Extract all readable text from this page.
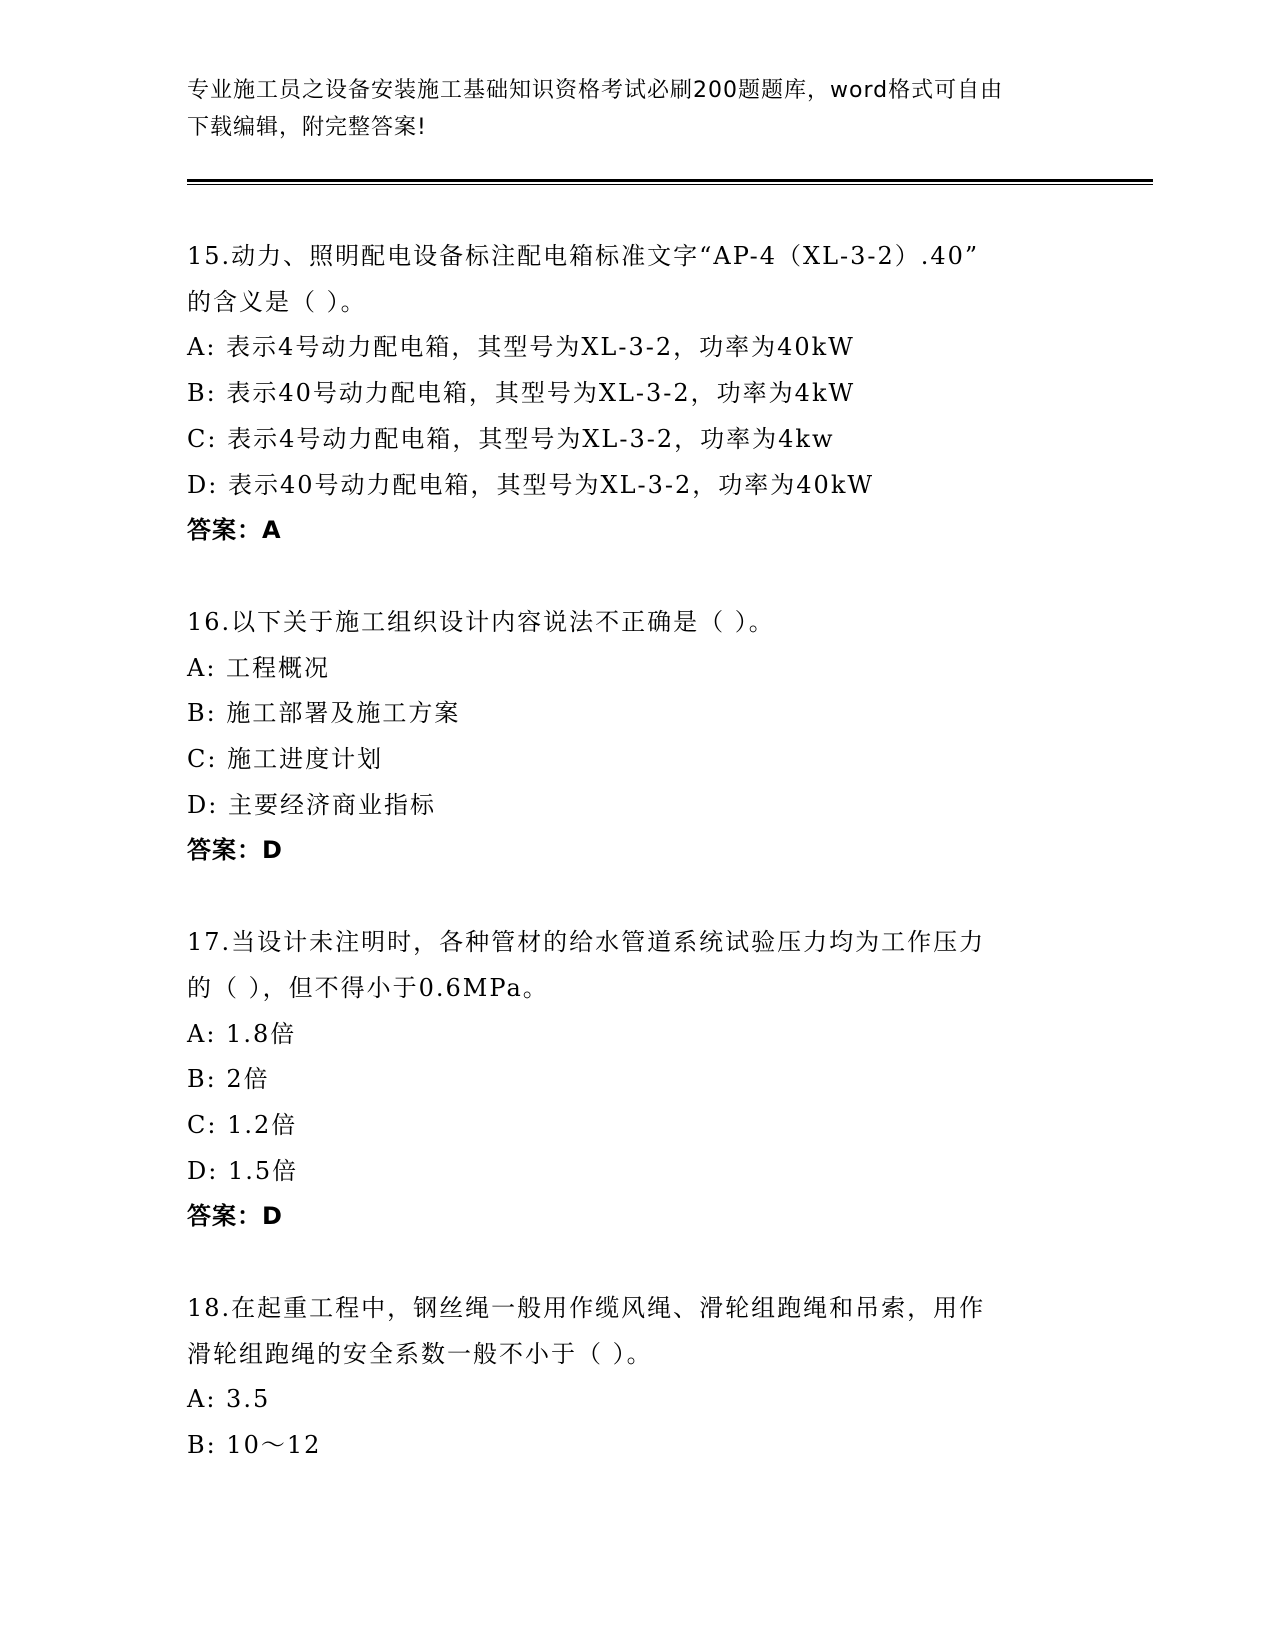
专业施工员之设备安装施工基础知识资格考试必刷200题题库，word格式可自由
下载编辑，附完整答案!
15.动力、照明配电设备标注配电箱标准文字“AP-4（XL-3-2）.40”
的含义是（ ）。
A: 表示4号动力配电箱，其型号为XL-3-2，功率为40kW
B: 表示40号动力配电箱，其型号为XL-3-2，功率为4kW
C: 表示4号动力配电箱，其型号为XL-3-2，功率为4kw
D: 表示40号动力配电箱，其型号为XL-3-2，功率为40kW
答案：A
16.以下关于施工组织设计内容说法不正确是（ ）。
A: 工程概况
B: 施工部署及施工方案
C: 施工进度计划
D: 主要经济商业指标
答案：D
17.当设计未注明时，各种管材的给水管道系统试验压力均为工作压力
的（ ），但不得小于0.6MPa。
A: 1.8倍
B: 2倍
C: 1.2倍
D: 1.5倍
答案：D
18.在起重工程中，钢丝绳一般用作缆风绳、滑轮组跑绳和吊索，用作
滑轮组跑绳的安全系数一般不小于（ ）。
A: 3.5
B: 10～12
